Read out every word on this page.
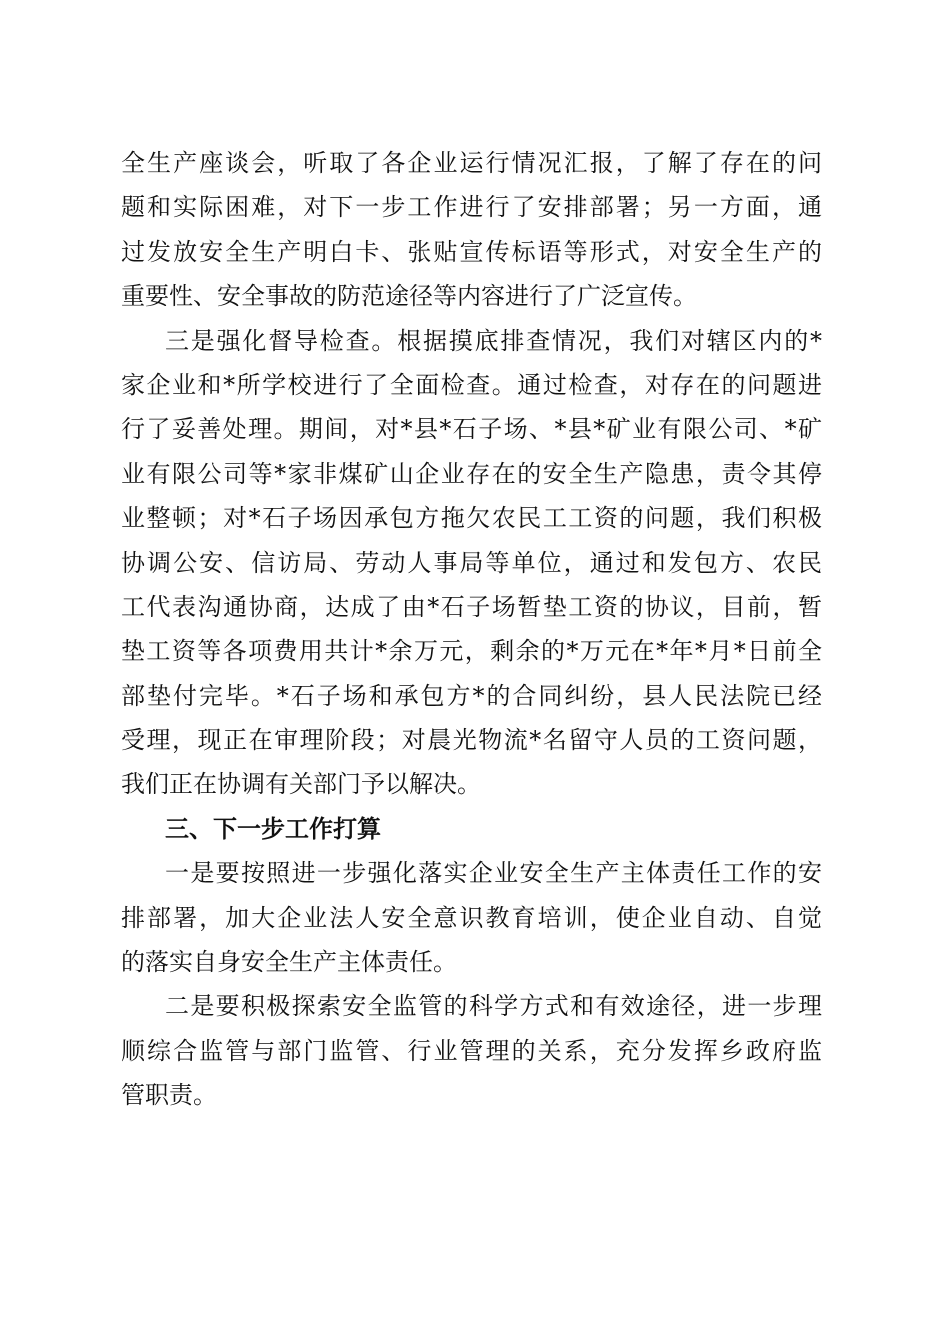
全生产座谈会，听取了各企业运行情况汇报，了解了存在的问
题和实际困难，对下一步工作进行了安排部署；另一方面，通
过发放安全生产明白卡、张贴宣传标语等形式，对安全生产的
重要性、安全事故的防范途径等内容进行了广泛宣传。
三是强化督导检查。根据摸底排查情况，我们对辖区内的*
家企业和*所学校进行了全面检查。通过检查，对存在的问题进
行了妥善处理。期间，对*县*石子场、*县*矿业有限公司、*矿
业有限公司等*家非煤矿山企业存在的安全生产隐患，责令其停
业整顿；对*石子场因承包方拖欠农民工工资的问题，我们积极
协调公安、信访局、劳动人事局等单位，通过和发包方、农民
工代表沟通协商，达成了由*石子场暂垫工资的协议，目前，暂
垫工资等各项费用共计*余万元，剩余的*万元在*年*月*日前全
部垫付完毕。*石子场和承包方*的合同纠纷，县人民法院已经
受理，现正在审理阶段；对晨光物流*名留守人员的工资问题，
我们正在协调有关部门予以解决。
三、下一步工作打算
一是要按照进一步强化落实企业安全生产主体责任工作的安
排部署，加大企业法人安全意识教育培训，使企业自动、自觉
的落实自身安全生产主体责任。
二是要积极探索安全监管的科学方式和有效途径，进一步理
顺综合监管与部门监管、行业管理的关系，充分发挥乡政府监
管职责。
